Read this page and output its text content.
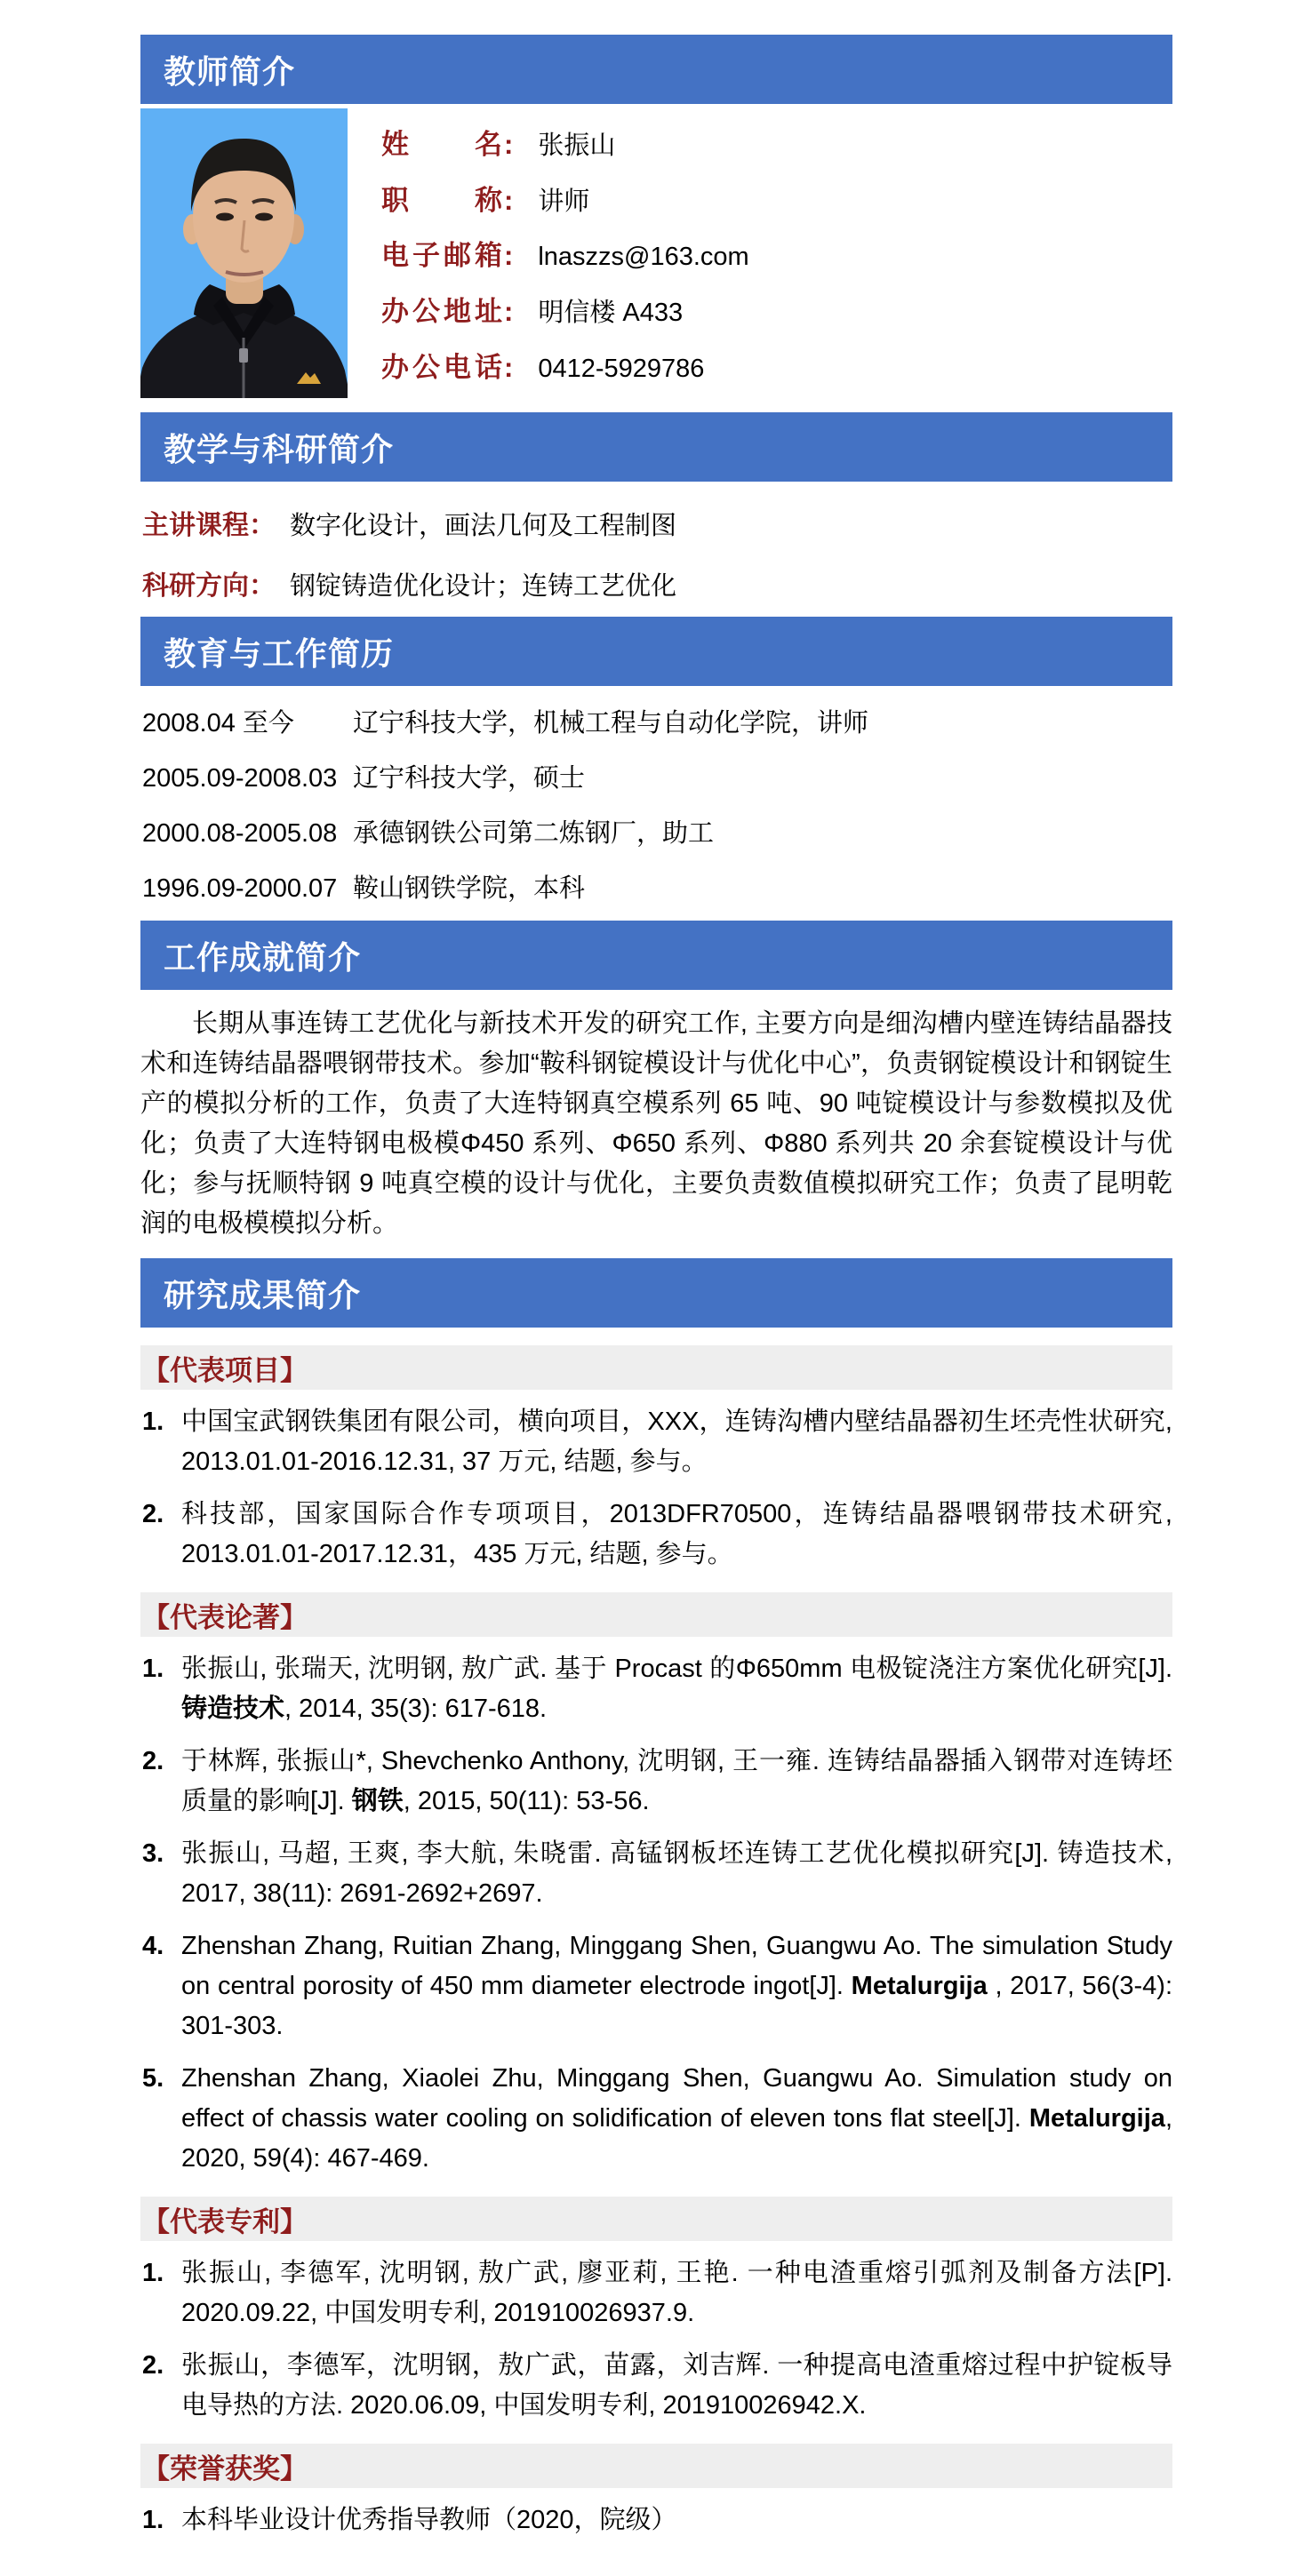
教师简介
姓名: 张振山
职称: 讲师
电子邮箱: lnaszzs@163.com
办公地址: 明信楼 A433
办公电话: 0412-5929786
教学与科研简介
主讲课程： 数字化设计，画法几何及工程制图
科研方向： 钢锭铸造优化设计；连铸工艺优化
教育与工作简历
2008.04 至今	辽宁科技大学，机械工程与自动化学院，讲师
2005.09-2008.03 辽宁科技大学，硕士
2000.08-2005.08 承德钢铁公司第二炼钢厂，助工
1996.09-2000.07 鞍山钢铁学院，本科
工作成就简介

长期从事连铸工艺优化与新技术开发的研究工作, 主要方向是细沟槽内壁连铸结晶器技术和连铸结晶器喂钢带技术。参加“鞍科钢锭模设计与优化中心”，负责钢锭模设计和钢锭生产的模拟分析的工作，负责了大连特钢真空模系列 65 吨、90 吨锭模设计与参数模拟及优化；负责了大连特钢电极模Φ450 系列、Φ650 系列、Φ880 系列共 20 余套锭模设计与优化；参与抚顺特钢 9 吨真空模的设计与优化，主要负责数值模拟研究工作；负责了昆明乾润的电极模模拟分析。

研究成果简介
【代表项目】
1. 中国宝武钢铁集团有限公司，横向项目，XXX，连铸沟槽内壁结晶器初生坯壳性状研究, 2013.01.01-2016.12.31, 37 万元, 结题, 参与。
2. 科技部，国家国际合作专项项目，2013DFR70500，连铸结晶器喂钢带技术研究, 2013.01.01-2017.12.31，435 万元, 结题, 参与。
【代表论著】
1. 张振山, 张瑞天, 沈明钢, 敖广武. 基于 Procast 的Φ650mm 电极锭浇注方案优化研究[J]. 铸造技术, 2014, 35(3): 617-618.
2. 于林辉, 张振山*, Shevchenko Anthony, 沈明钢, 王一雍. 连铸结晶器插入钢带对连铸坯质量的影响[J]. 钢铁, 2015, 50(11): 53-56.
3. 张振山, 马超, 王爽, 李大航, 朱晓雷. 高锰钢板坯连铸工艺优化模拟研究[J]. 铸造技术, 2017, 38(11): 2691-2692+2697.
4. Zhenshan Zhang, Ruitian Zhang, Minggang Shen, Guangwu Ao. The simulation Study on central porosity of 450 mm diameter electrode ingot[J]. Metalurgija , 2017, 56(3-4): 301-303.
5. Zhenshan Zhang, Xiaolei Zhu, Minggang Shen, Guangwu Ao. Simulation study on effect of chassis water cooling on solidification of eleven tons flat steel[J]. Metalurgija, 2020, 59(4): 467-469.
【代表专利】
1. 张振山, 李德军, 沈明钢, 敖广武, 廖亚莉, 王艳. 一种电渣重熔引弧剂及制备方法[P]. 2020.09.22, 中国发明专利, 201910026937.9.
2. 张振山，李德军，沈明钢，敖广武，苗露，刘吉辉. 一种提高电渣重熔过程中护锭板导电导热的方法. 2020.06.09, 中国发明专利, 201910026942.X.
【荣誉获奖】
1. 本科毕业设计优秀指导教师（2020，院级）
